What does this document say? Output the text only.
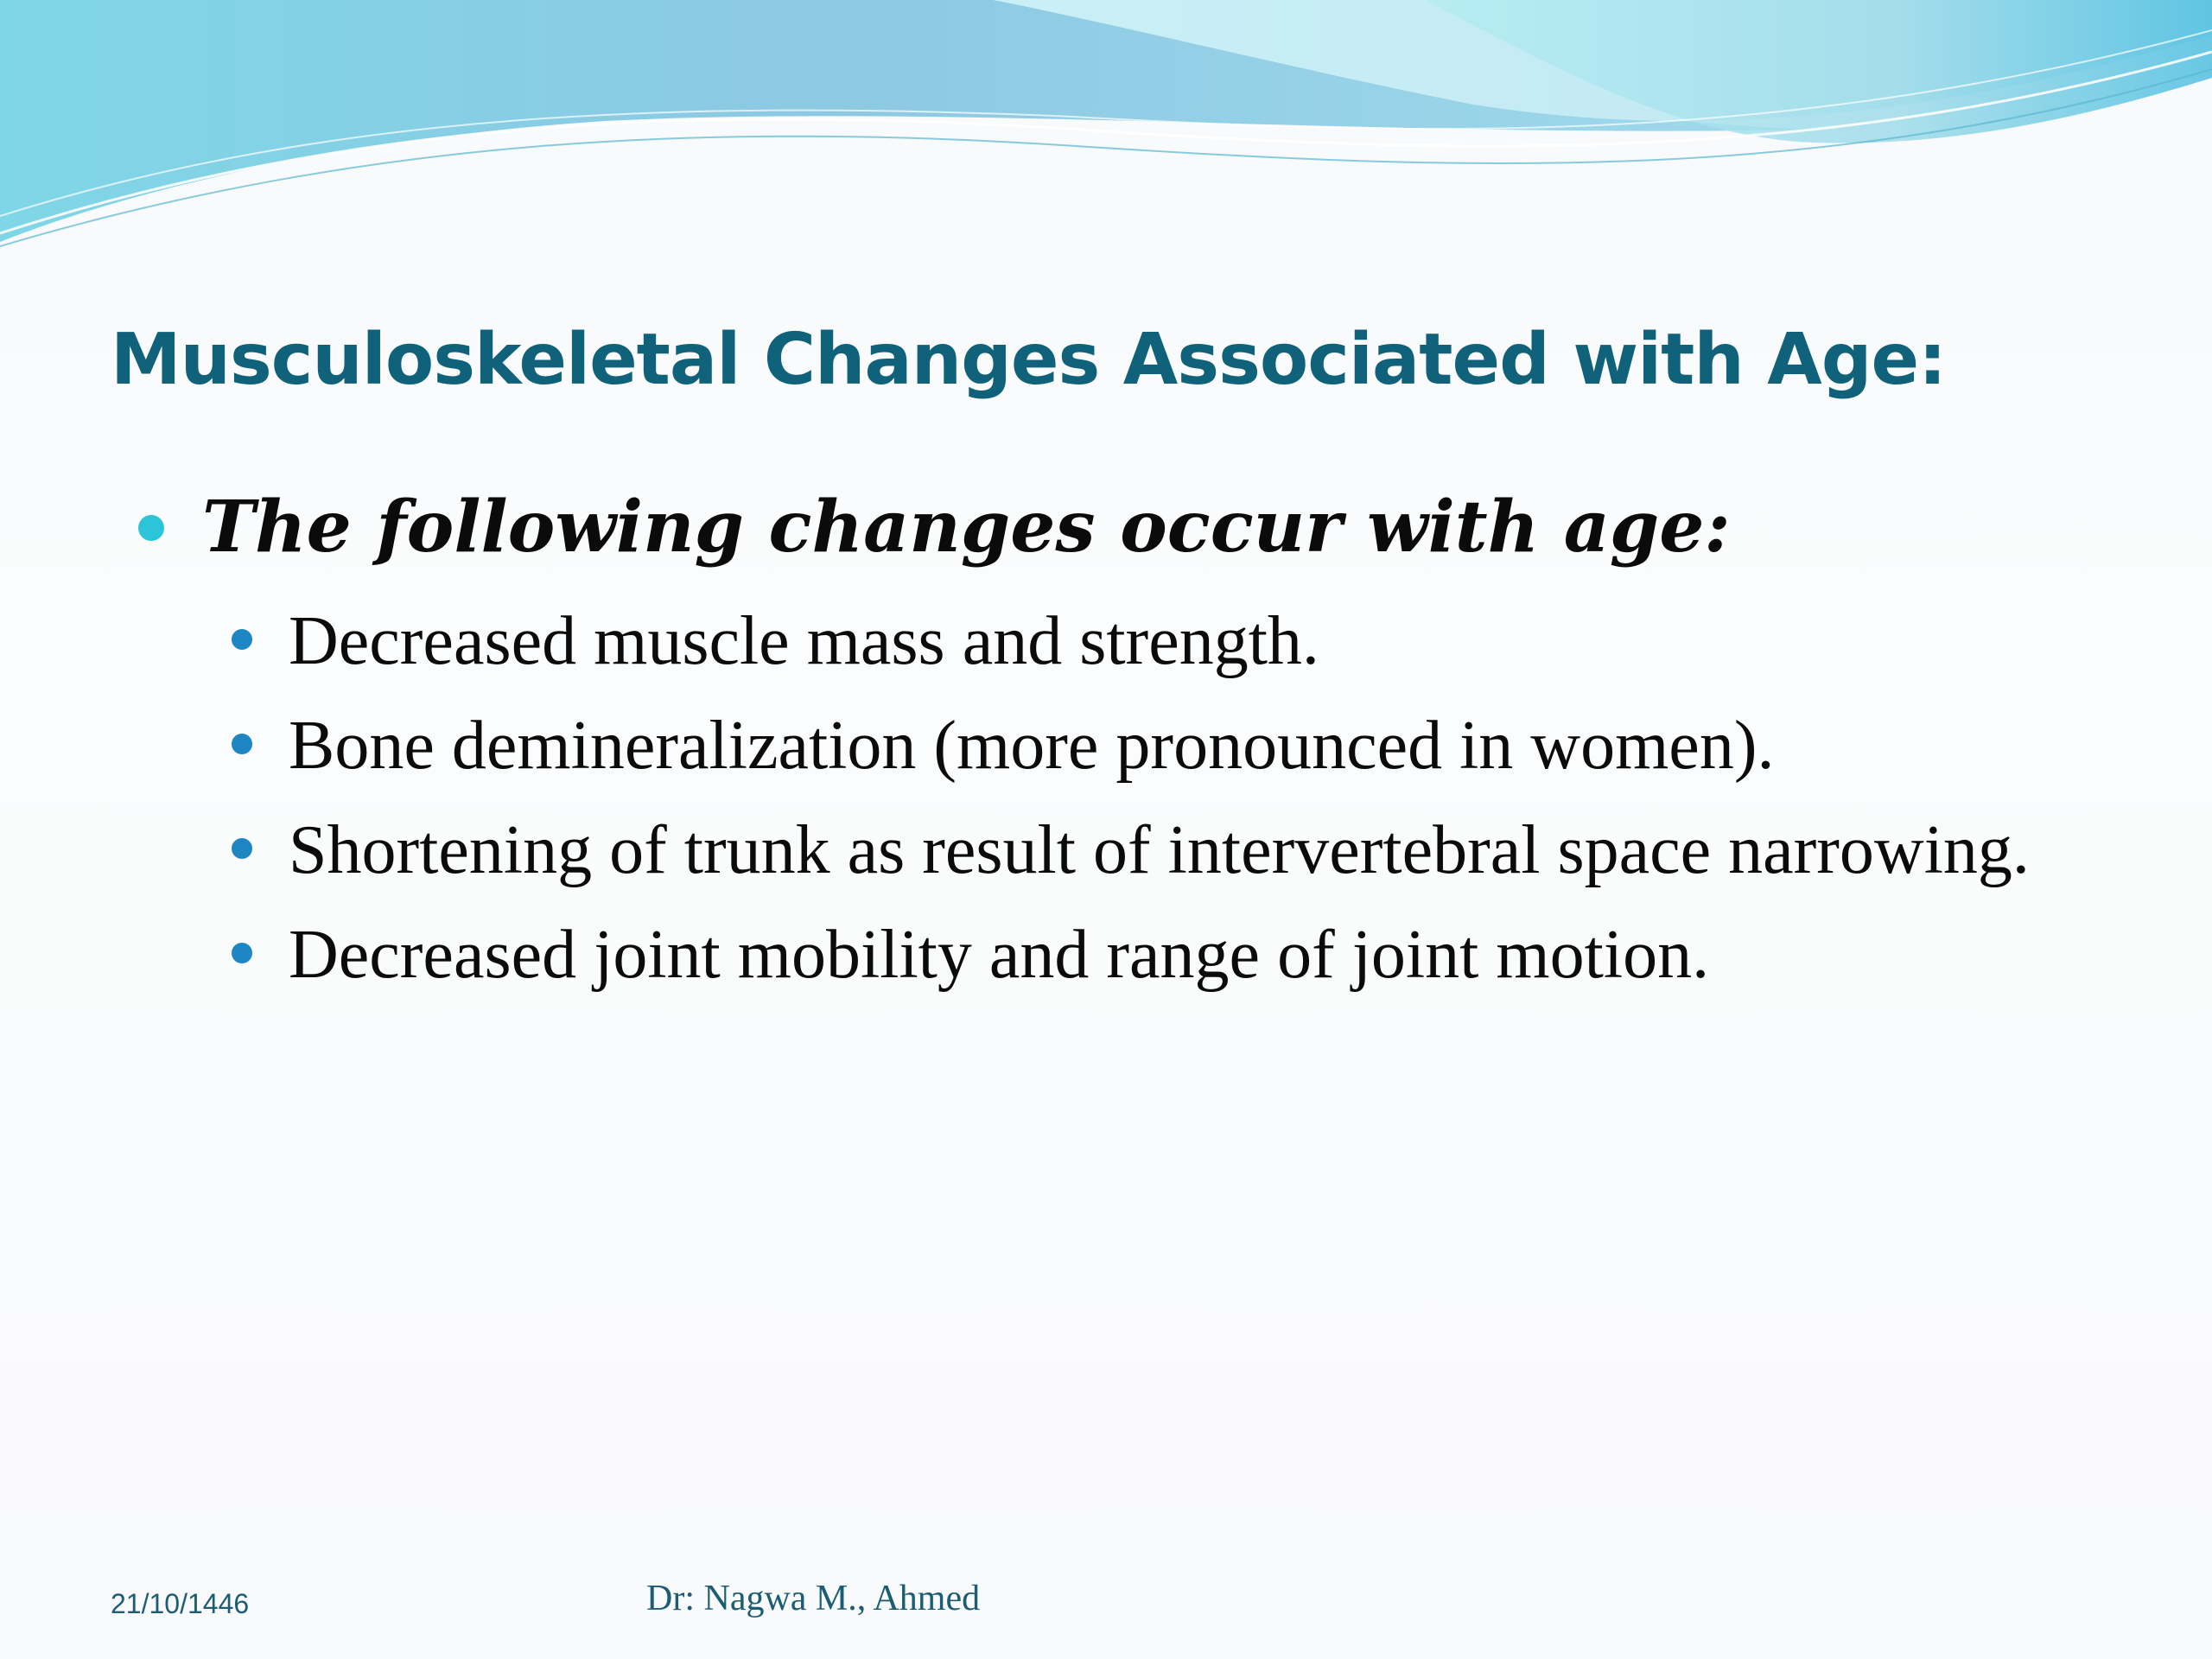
Musculoskeletal Changes Associated with Age:
The following changes occur with age:
Decreased muscle mass and strength.
Bone demineralization (more pronounced in women).
Shortening of trunk as result of intervertebral space narrowing.
Decreased joint mobility and range of joint motion.
21/10/1446	Dr: Nagwa M., Ahmed
